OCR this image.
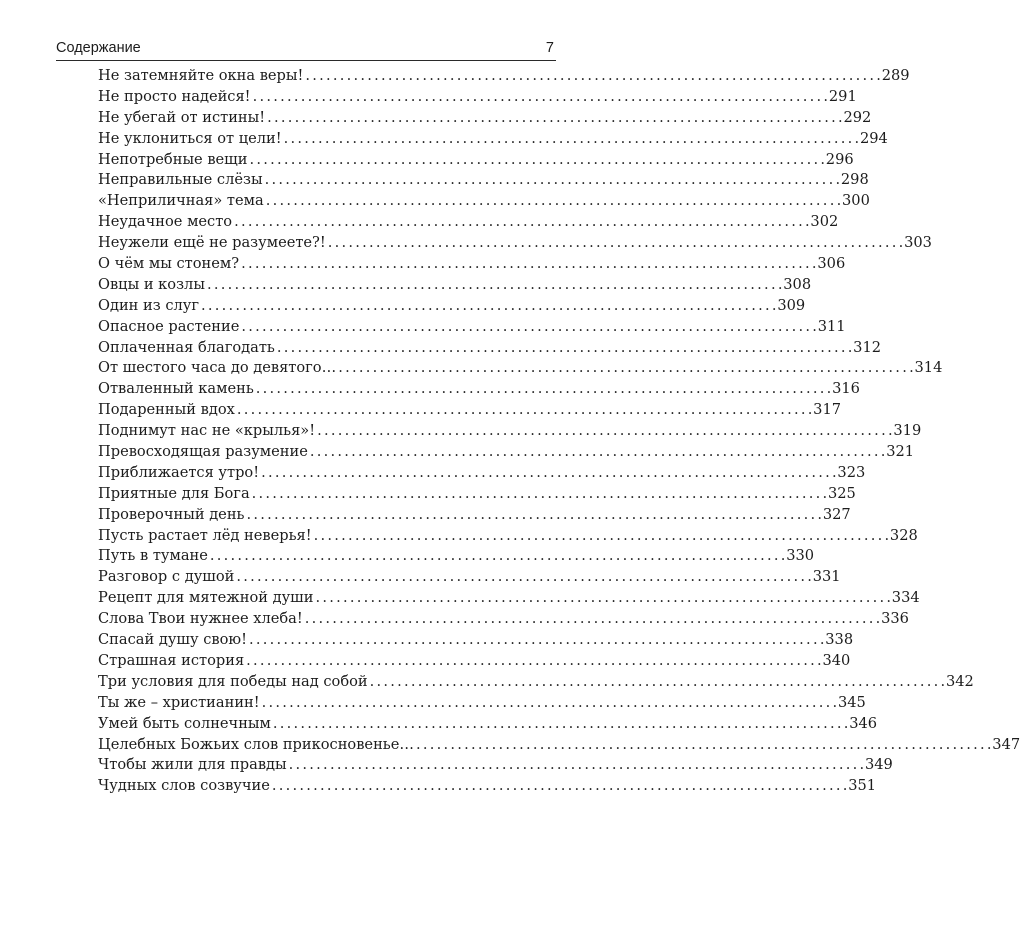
Содержание	7
Не затемняйте окна веры! . . .	289
Не просто надейся! . . .	291
Не убегай от истины! . . .	292
Не уклониться от цели! . . .	294
Непотребные вещи . . .	296
Неправильные слёзы . . .	298
«Неприличная» тема . . .	300
Неудачное место . . .	302
Неужели ещё не разумеете?! . . .	303
О чём мы стонем? . . .	306
Овцы и козлы . . .	308
Один из слуг . . .	309
Опасное растение . . .	311
Оплаченная благодать . . .	312
От шестого часа до девятого… . . .	314
Отваленный камень . . .	316
Подаренный вдох . . .	317
Поднимут нас не «крылья»! . . .	319
Превосходящая разумение . . .	321
Приближается утро! . . .	323
Приятные для Бога . . .	325
Проверочный день . . .	327
Пусть растает лёд неверья! . . .	328
Путь в тумане . . .	330
Разговор с душой . . .	331
Рецепт для мятежной души . . .	334
Слова Твои нужнее хлеба! . . .	336
Спасай душу свою! . . .	338
Страшная история . . .	340
Три условия для победы над собой . . .	342
Ты же – христианин! . . .	345
Умей быть солнечным . . .	346
Целебных Божьих слов прикосновенье… . . .	347
Чтобы жили для правды . . .	349
Чудных слов созвучие . . .	351
